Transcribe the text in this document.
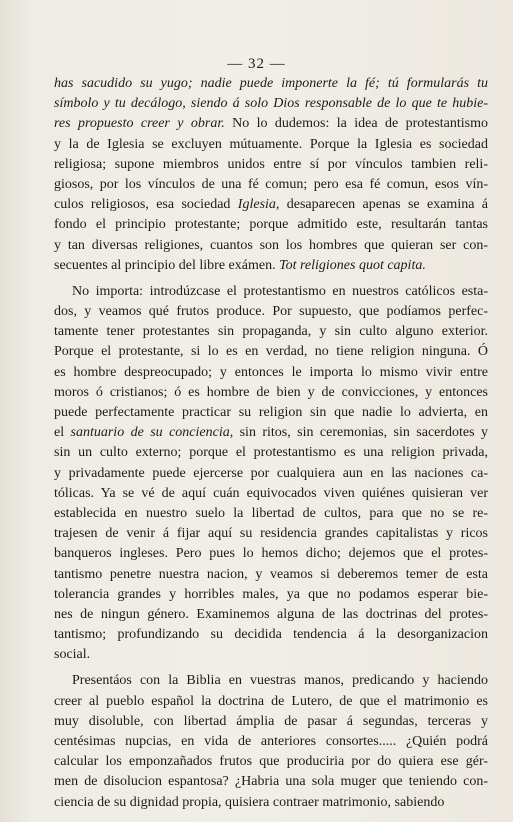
— 32 —
has sacudido su yugo; nadie puede imponerte la fé; tú formularás tu
símbolo y tu decálogo, siendo á solo Dios responsable de lo que te hubie-
res propuesto creer y obrar. No lo dudemos: la idea de protestantismo
y la de Iglesia se excluyen mútuamente. Porque la Iglesia es sociedad
religiosa; supone miembros unidos entre sí por vínculos tambien reli-
giosos, por los vínculos de una fé comun; pero esa fé comun, esos vín-
culos religiosos, esa sociedad Iglesia, desaparecen apenas se examina á
fondo el principio protestante; porque admitido este, resultarán tantas
y tan diversas religiones, cuantos son los hombres que quieran ser con-
secuentes al principio del libre exámen. Tot religiones quot capita.
No importa: introdúzcase el protestantismo en nuestros católicos esta-
dos, y veamos qué frutos produce. Por supuesto, que podíamos perfec-
tamente tener protestantes sin propaganda, y sin culto alguno exterior.
Porque el protestante, si lo es en verdad, no tiene religion ninguna. Ó
es hombre despreocupado; y entonces le importa lo mismo vivir entre
moros ó cristianos; ó es hombre de bien y de convicciones, y entonces
puede perfectamente practicar su religion sin que nadie lo advierta, en
el santuario de su conciencia, sin ritos, sin ceremonias, sin sacerdotes y
sin un culto externo; porque el protestantismo es una religion privada,
y privadamente puede ejercerse por cualquiera aun en las naciones ca-
tólicas. Ya se vé de aquí cuán equivocados viven quiénes quisieran ver
establecida en nuestro suelo la libertad de cultos, para que no se re-
trajesen de venir á fijar aquí su residencia grandes capitalistas y ricos
banqueros ingleses. Pero pues lo hemos dicho; dejemos que el protes-
tantismo penetre nuestra nacion, y veamos si deberemos temer de esta
tolerancia grandes y horribles males, ya que no podamos esperar bie-
nes de ningun género. Examinemos alguna de las doctrinas del protes-
tantismo; profundizando su decidida tendencia á la desorganizacion
social.
Presentáos con la Biblia en vuestras manos, predicando y haciendo
creer al pueblo español la doctrina de Lutero, de que el matrimonio es
muy disoluble, con libertad ámplia de pasar á segundas, terceras y
centésimas nupcias, en vida de anteriores consortes..... ¿Quién podrá
calcular los emponzañados frutos que produciria por do quiera ese gér-
men de disolucion espantosa? ¿Habria una sola muger que teniendo con-
ciencia de su dignidad propia, quisiera contraer matrimonio, sabiendo
